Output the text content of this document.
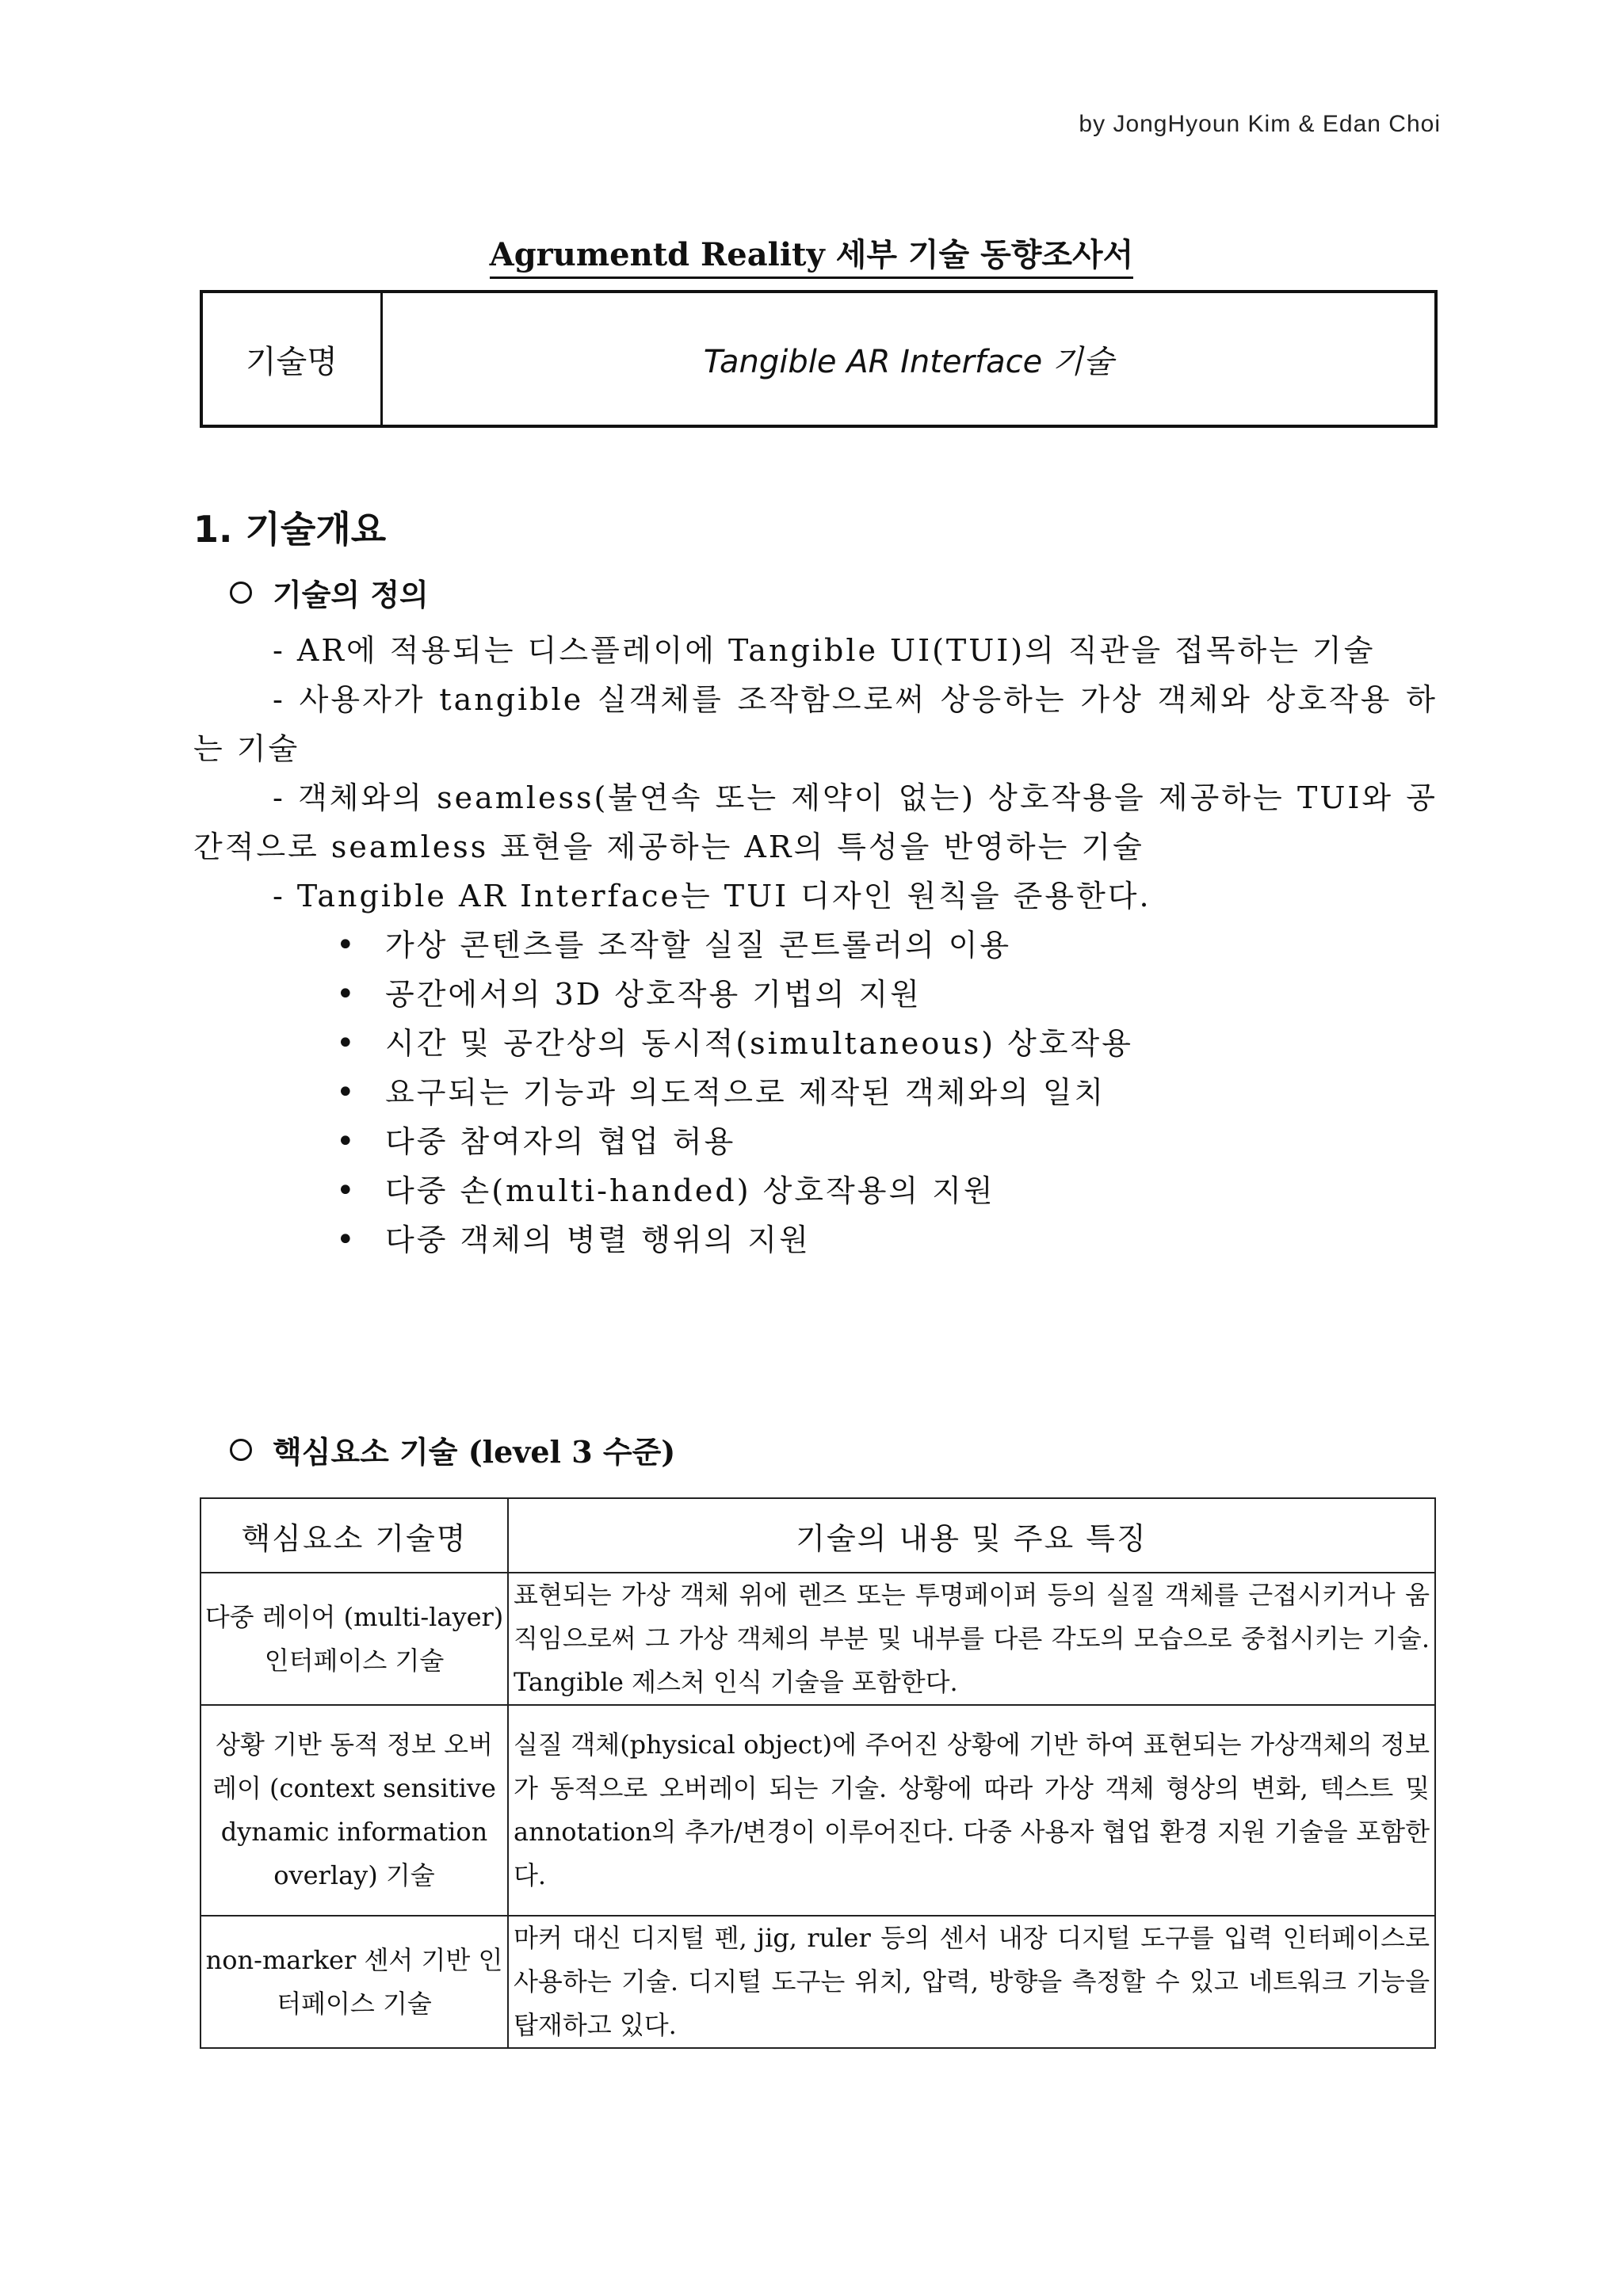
by JongHyoun Kim & Edan Choi
Agrumentd Reality 세부 기술 동향조사서
기술명	Tangible AR Interface 기술
1. 기술개요
기술의 정의

- AR에 적용되는 디스플레이에 Tangible UI(TUI)의 직관을 접목하는 기술

- 사용자가 tangible 실객체를 조작함으로써 상응하는 가상 객체와 상호작용 하는 기술

- 객체와의 seamless(불연속 또는 제약이 없는) 상호작용을 제공하는 TUI와 공간적으로 seamless 표현을 제공하는 AR의 특성을 반영하는 기술

- Tangible AR Interface는 TUI 디자인 원칙을 준용한다.

• 가상 콘텐츠를 조작할 실질 콘트롤러의 이용
• 공간에서의 3D 상호작용 기법의 지원
• 시간 및 공간상의 동시적(simultaneous) 상호작용
• 요구되는 기능과 의도적으로 제작된 객체와의 일치
• 다중 참여자의 협업 허용
• 다중 손(multi-handed) 상호작용의 지원
• 다중 객체의 병렬 행위의 지원
핵심요소 기술 (level 3 수준)
핵심요소 기술명	기술의 내용 및 주요 특징
다중 레이어 (multi-layer) 인터페이스 기술	표현되는 가상 객체 위에 렌즈 또는 투명페이퍼 등의 실질 객체를 근접시키거나 움직임으로써 그 가상 객체의 부분 및 내부를 다른 각도의 모습으로 중첩시키는 기술. Tangible 제스처 인식 기술을 포함한다.
상황 기반 동적 정보 오버레이 (context sensitive dynamic information overlay) 기술	실질 객체(physical object)에 주어진 상황에 기반 하여 표현되는 가상객체의 정보가 동적으로 오버레이 되는 기술. 상황에 따라 가상 객체 형상의 변화, 텍스트 및 annotation의 추가/변경이 이루어진다. 다중 사용자 협업 환경 지원 기술을 포함한다.
non-marker 센서 기반 인터페이스 기술	마커 대신 디지털 펜, jig, ruler 등의 센서 내장 디지털 도구를 입력 인터페이스로 사용하는 기술. 디지털 도구는 위치, 압력, 방향을 측정할 수 있고 네트워크 기능을 탑재하고 있다.
